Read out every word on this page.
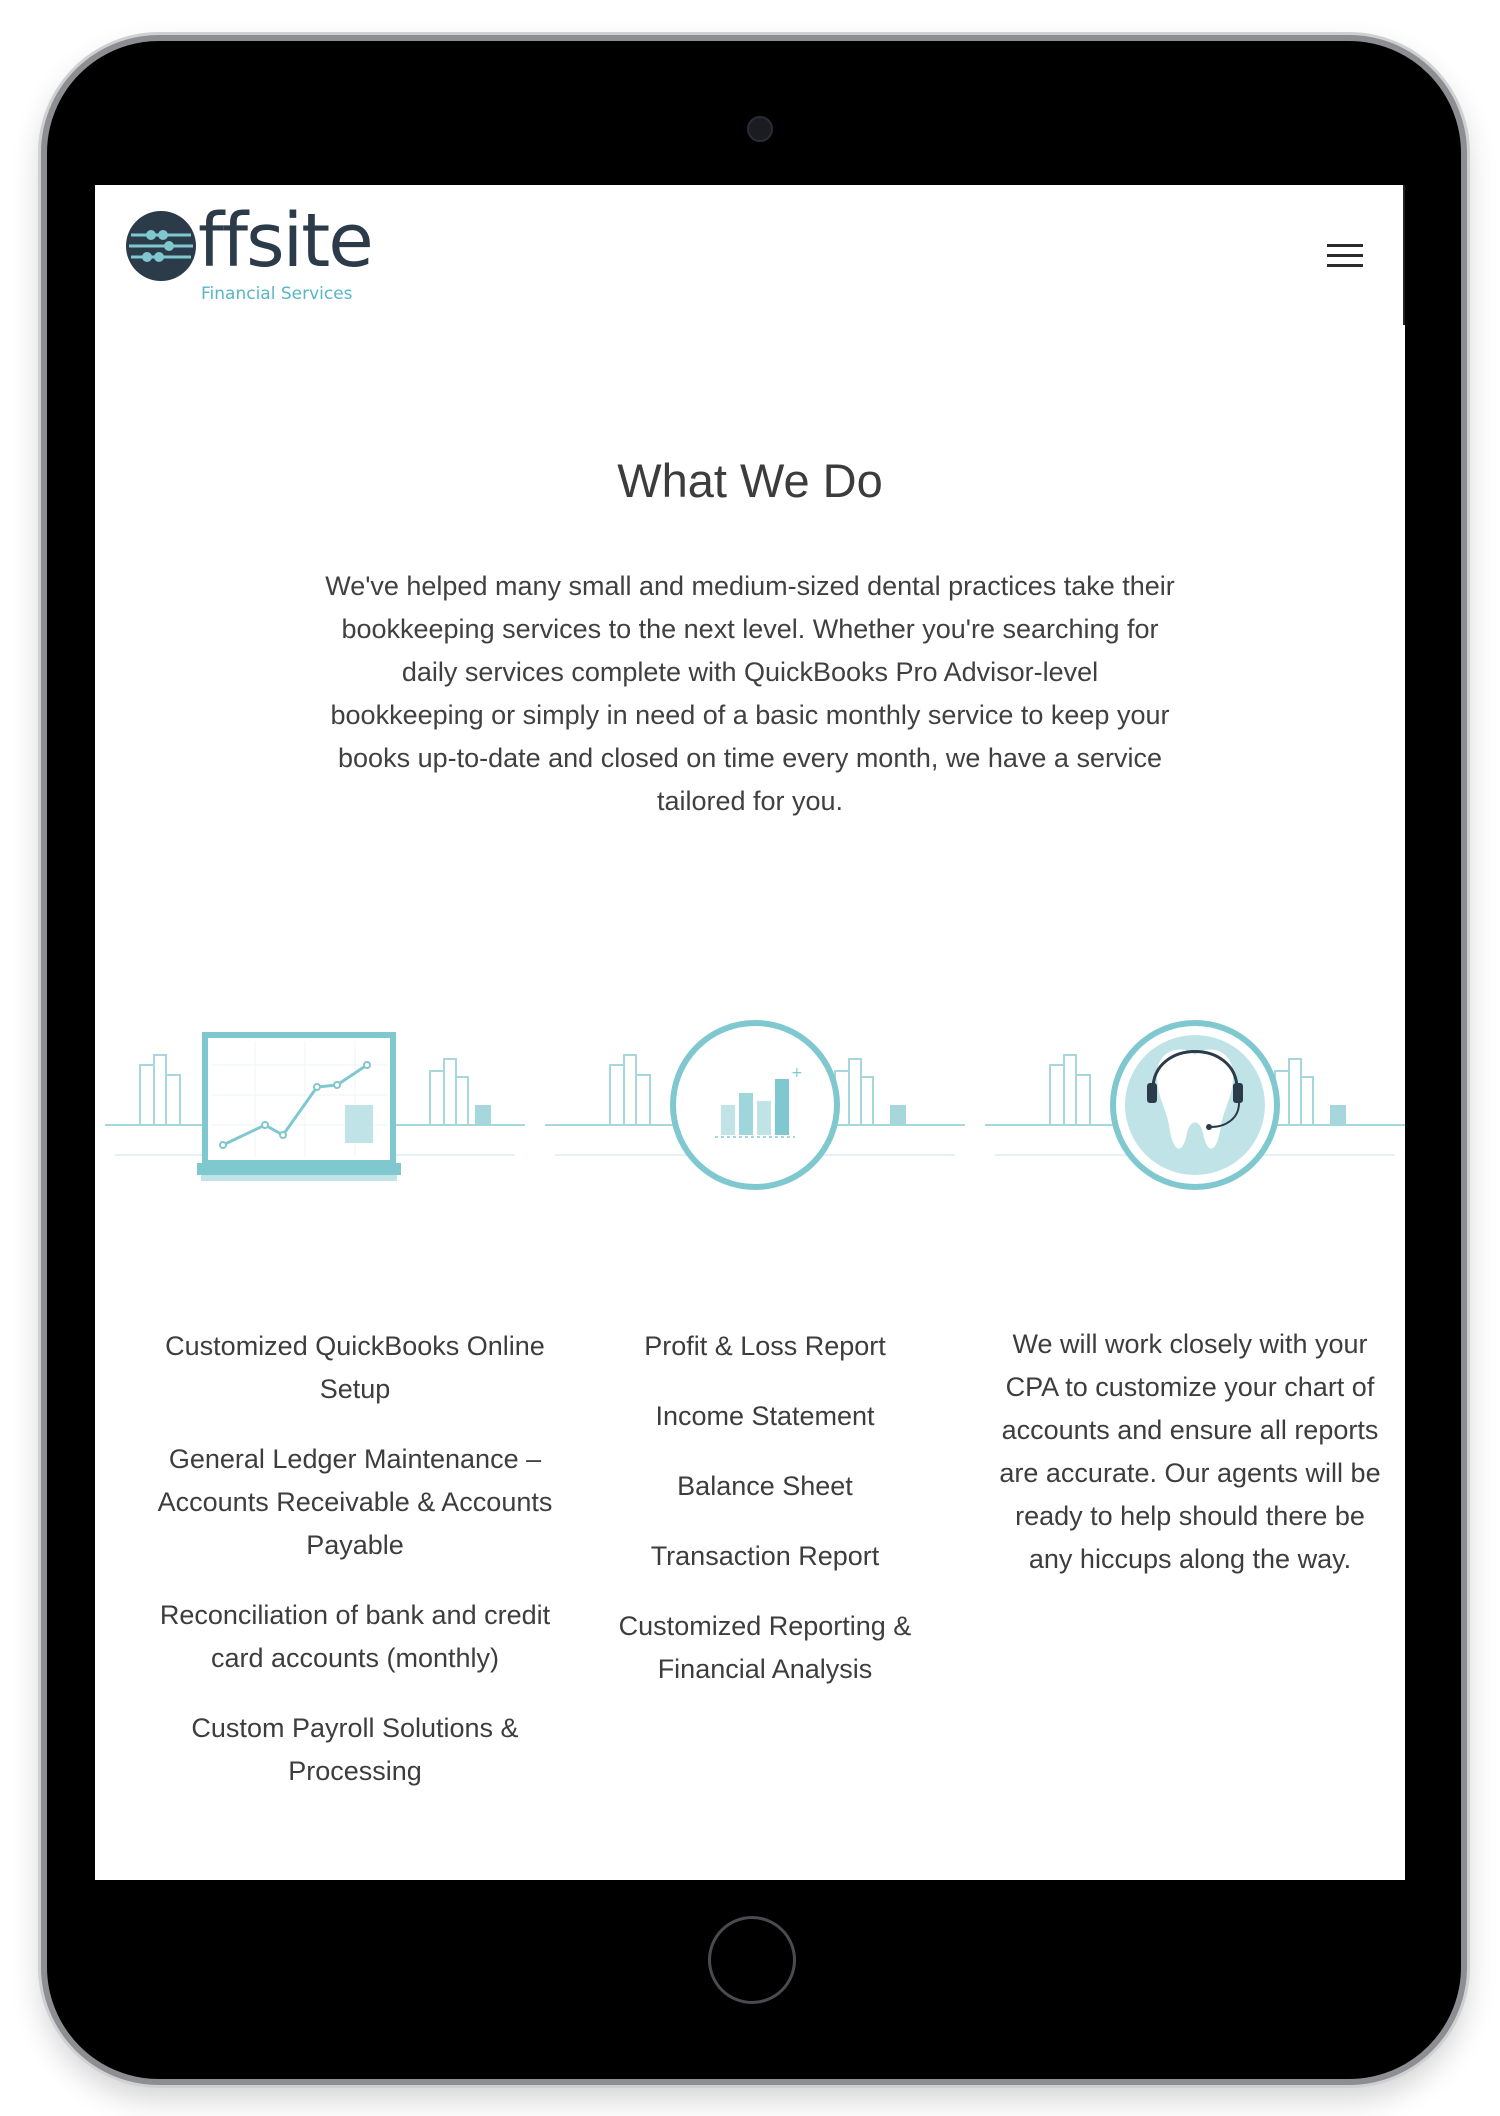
ffsite
Financial Services
What We Do

We've helped many small and medium-sized dental practices take their bookkeeping services to the next level. Whether you're searching for daily services complete with QuickBooks Pro Advisor-level bookkeeping or simply in need of a basic monthly service to keep your books up-to-date and closed on time every month, we have a service tailored for you.

+

Customized QuickBooks Online Setup

General Ledger Maintenance – Accounts Receivable & Accounts Payable

Reconciliation of bank and credit card accounts (monthly)

Custom Payroll Solutions & Processing

Profit & Loss Report

Income Statement

Balance Sheet

Transaction Report

Customized Reporting & Financial Analysis

We will work closely with your CPA to customize your chart of accounts and ensure all reports are accurate. Our agents will be ready to help should there be any hiccups along the way.
